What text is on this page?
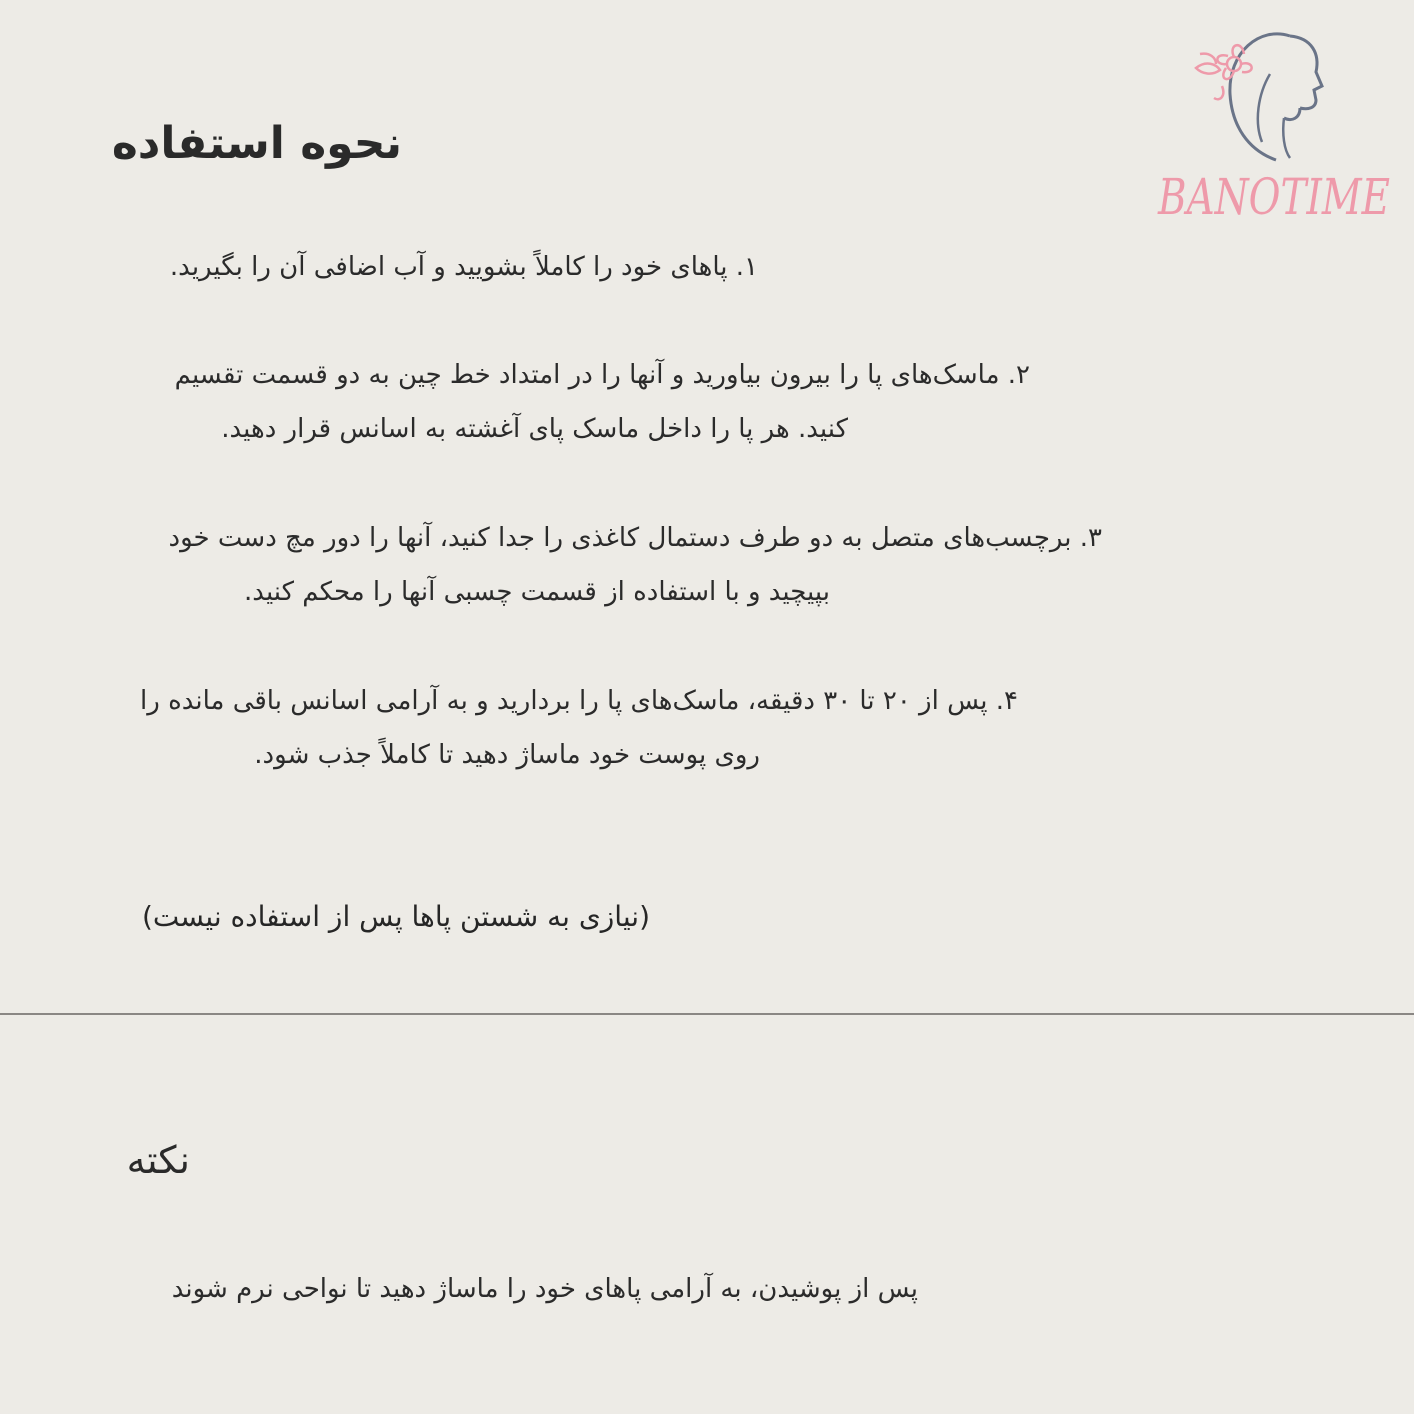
BANOTIME
نحوه استفاده
۱. پاهای خود را کاملاً بشویید و آب اضافی آن را بگیرید.
۲. ماسک‌های پا را بیرون بیاورید و آنها را در امتداد خط چین به دو قسمت تقسیم
کنید. هر پا را داخل ماسک پای آغشته به اسانس قرار دهید.
۳. برچسب‌های متصل به دو طرف دستمال کاغذی را جدا کنید، آنها را دور مچ دست خود
بپیچید و با استفاده از قسمت چسبی آنها را محکم کنید.
۴. پس از ۲۰ تا ۳۰ دقیقه، ماسک‌های پا را بردارید و به آرامی اسانس باقی مانده را
روی پوست خود ماساژ دهید تا کاملاً جذب شود.
(نیازی به شستن پاها پس از استفاده نیست)
نکته
پس از پوشیدن، به آرامی پاهای خود را ماساژ دهید تا نواحی نرم شوند
